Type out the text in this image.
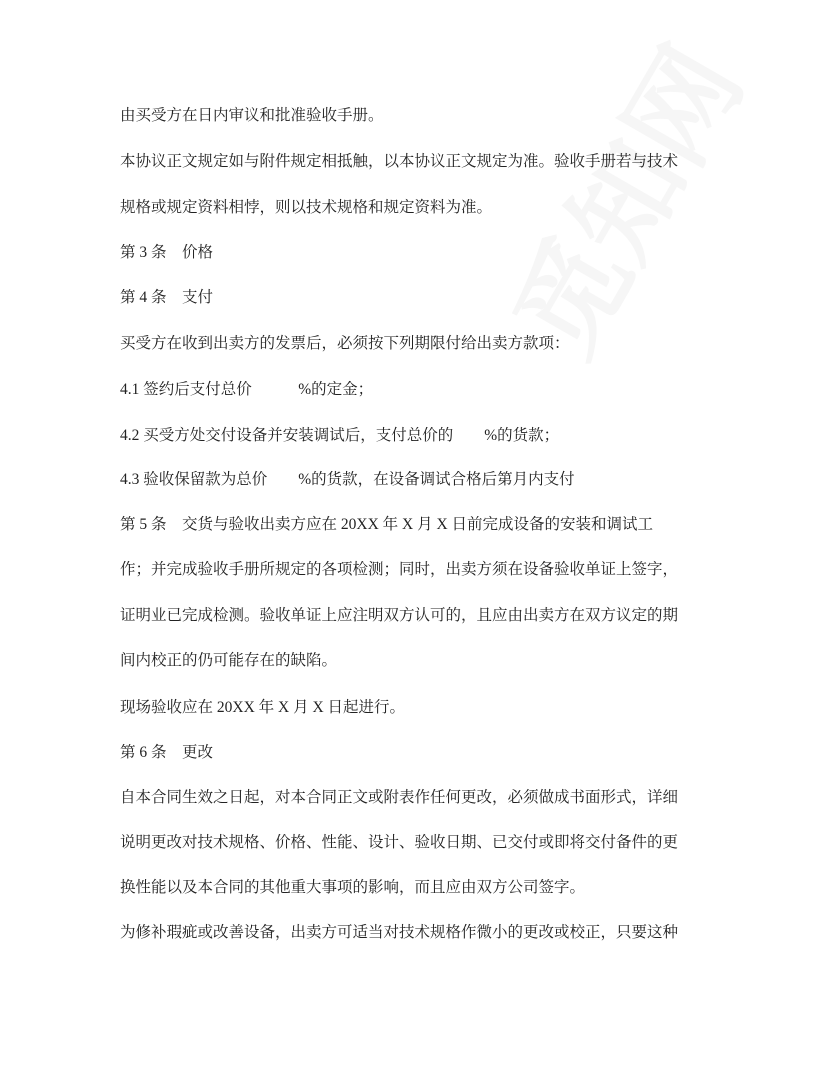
由买受方在日内审议和批准验收手册。
本协议正文规定如与附件规定相抵触，以本协议正文规定为准。验收手册若与技术
规格或规定资料相悖，则以技术规格和规定资料为准。
第 3 条　价格
第 4 条　支付
买受方在收到出卖方的发票后，必须按下列期限付给出卖方款项：
4.1 签约后支付总价　　　%的定金；
4.2 买受方处交付设备并安装调试后，支付总价的　　%的货款；
4.3 验收保留款为总价　　%的货款，在设备调试合格后第月内支付
第 5 条　交货与验收出卖方应在 20XX 年 X 月 X 日前完成设备的安装和调试工
作；并完成验收手册所规定的各项检测；同时，出卖方须在设备验收单证上签字，
证明业已完成检测。验收单证上应注明双方认可的，且应由出卖方在双方议定的期
间内校正的仍可能存在的缺陷。
现场验收应在 20XX 年 X 月 X 日起进行。
第 6 条　更改
自本合同生效之日起，对本合同正文或附表作任何更改，必须做成书面形式，详细
说明更改对技术规格、价格、性能、设计、验收日期、已交付或即将交付备件的更
换性能以及本合同的其他重大事项的影响，而且应由双方公司签字。
为修补瑕疵或改善设备，出卖方可适当对技术规格作微小的更改或校正，只要这种
